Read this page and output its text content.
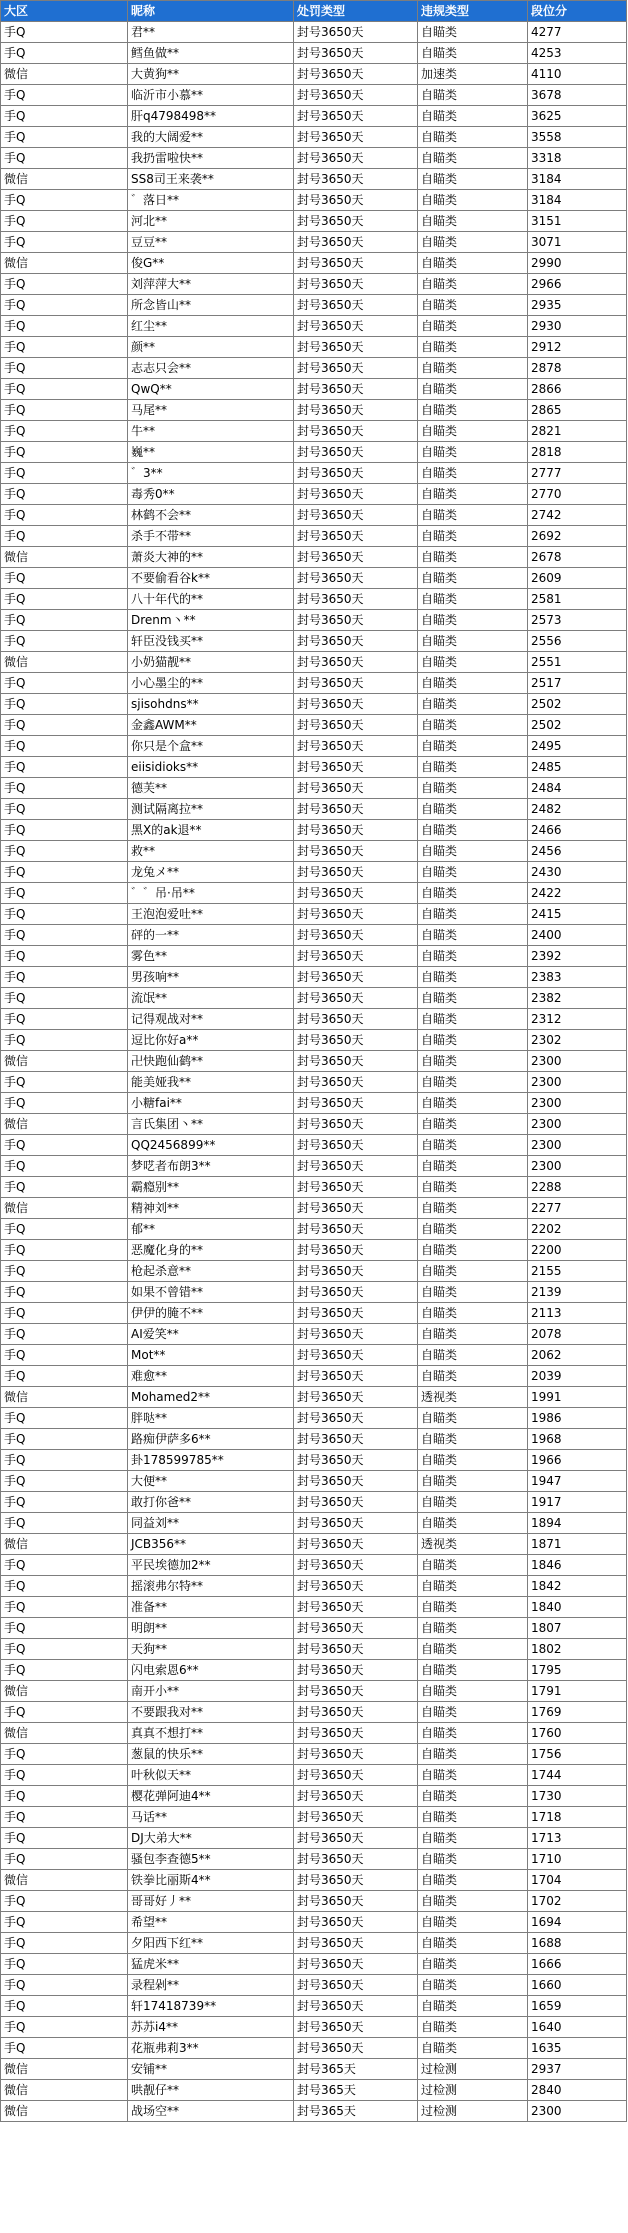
大区	昵称	处罚类型	违规类型	段位分
手Q	君**	封号3650天	自瞄类	4277
手Q	鳕鱼做**	封号3650天	自瞄类	4253
微信	大黄狗**	封号3650天	加速类	4110
手Q	临沂市小慕**	封号3650天	自瞄类	3678
手Q	肝q4798498**	封号3650天	自瞄类	3625
手Q	我的大阔爱**	封号3650天	自瞄类	3558
手Q	我扔雷啦快**	封号3650天	自瞄类	3318
微信	SS8司王来袭**	封号3650天	自瞄类	3184
手Q	゛落日**	封号3650天	自瞄类	3184
手Q	河北**	封号3650天	自瞄类	3151
手Q	豆豆**	封号3650天	自瞄类	3071
微信	俊G**	封号3650天	自瞄类	2990
手Q	刘萍萍大**	封号3650天	自瞄类	2966
手Q	所念皆山**	封号3650天	自瞄类	2935
手Q	红尘**	封号3650天	自瞄类	2930
手Q	颜**	封号3650天	自瞄类	2912
手Q	志志只会**	封号3650天	自瞄类	2878
手Q	QwQ**	封号3650天	自瞄类	2866
手Q	马尾**	封号3650天	自瞄类	2865
手Q	牛**	封号3650天	自瞄类	2821
手Q	巍**	封号3650天	自瞄类	2818
手Q	゛3**	封号3650天	自瞄类	2777
手Q	毒秀0**	封号3650天	自瞄类	2770
手Q	林鹤不会**	封号3650天	自瞄类	2742
手Q	杀手不带**	封号3650天	自瞄类	2692
微信	萧炎大神的**	封号3650天	自瞄类	2678
手Q	不要偷看谷k**	封号3650天	自瞄类	2609
手Q	八十年代的**	封号3650天	自瞄类	2581
手Q	Drenm丶**	封号3650天	自瞄类	2573
手Q	轩臣没钱买**	封号3650天	自瞄类	2556
微信	小奶猫靓**	封号3650天	自瞄类	2551
手Q	小心墨尘的**	封号3650天	自瞄类	2517
手Q	sjisohdns**	封号3650天	自瞄类	2502
手Q	金鑫AWM**	封号3650天	自瞄类	2502
手Q	你只是个盒**	封号3650天	自瞄类	2495
手Q	eiisidioks**	封号3650天	自瞄类	2485
手Q	德芙**	封号3650天	自瞄类	2484
手Q	测试隔离拉**	封号3650天	自瞄类	2482
手Q	黑X的ak退**	封号3650天	自瞄类	2466
手Q	救**	封号3650天	自瞄类	2456
手Q	龙兔メ**	封号3650天	自瞄类	2430
手Q	゛゛吊·吊**	封号3650天	自瞄类	2422
手Q	王泡泡爱吐**	封号3650天	自瞄类	2415
手Q	砰的一**	封号3650天	自瞄类	2400
手Q	雾色**	封号3650天	自瞄类	2392
手Q	男孩响**	封号3650天	自瞄类	2383
手Q	流氓**	封号3650天	自瞄类	2382
手Q	记得观战对**	封号3650天	自瞄类	2312
手Q	逗比你好a**	封号3650天	自瞄类	2302
微信	卍快跑仙鹤**	封号3650天	自瞄类	2300
手Q	能美娅我**	封号3650天	自瞄类	2300
手Q	小糖fai**	封号3650天	自瞄类	2300
微信	言氏集团丶**	封号3650天	自瞄类	2300
手Q	QQ2456899**	封号3650天	自瞄类	2300
手Q	梦呓者布朗3**	封号3650天	自瞄类	2300
手Q	霸瘾别**	封号3650天	自瞄类	2288
微信	精神刘**	封号3650天	自瞄类	2277
手Q	郁**	封号3650天	自瞄类	2202
手Q	恶魔化身的**	封号3650天	自瞄类	2200
手Q	枪起杀意**	封号3650天	自瞄类	2155
手Q	如果不曾错**	封号3650天	自瞄类	2139
手Q	伊伊的腌不**	封号3650天	自瞄类	2113
手Q	AI爱笑**	封号3650天	自瞄类	2078
手Q	Mot**	封号3650天	自瞄类	2062
手Q	难愈**	封号3650天	自瞄类	2039
微信	Mohamed2**	封号3650天	透视类	1991
手Q	胖哒**	封号3650天	自瞄类	1986
手Q	路痴伊萨多6**	封号3650天	自瞄类	1968
手Q	卦178599785**	封号3650天	自瞄类	1966
手Q	大便**	封号3650天	自瞄类	1947
手Q	敢打你爸**	封号3650天	自瞄类	1917
手Q	同益刘**	封号3650天	自瞄类	1894
微信	JCB356**	封号3650天	透视类	1871
手Q	平民埃德加2**	封号3650天	自瞄类	1846
手Q	摇滚弗尔特**	封号3650天	自瞄类	1842
手Q	准备**	封号3650天	自瞄类	1840
手Q	明朗**	封号3650天	自瞄类	1807
手Q	天狗**	封号3650天	自瞄类	1802
手Q	闪电索恩6**	封号3650天	自瞄类	1795
微信	南开小**	封号3650天	自瞄类	1791
手Q	不要跟我对**	封号3650天	自瞄类	1769
微信	真真不想打**	封号3650天	自瞄类	1760
手Q	葱鼠的快乐**	封号3650天	自瞄类	1756
手Q	叶秋似天**	封号3650天	自瞄类	1744
手Q	樱花弹阿迪4**	封号3650天	自瞄类	1730
手Q	马话**	封号3650天	自瞄类	1718
手Q	DJ大弟大**	封号3650天	自瞄类	1713
手Q	骚包李查德5**	封号3650天	自瞄类	1710
微信	铁拳比丽斯4**	封号3650天	自瞄类	1704
手Q	哥哥好丿**	封号3650天	自瞄类	1702
手Q	希望**	封号3650天	自瞄类	1694
手Q	夕阳西下红**	封号3650天	自瞄类	1688
手Q	猛虎米**	封号3650天	自瞄类	1666
手Q	录程剁**	封号3650天	自瞄类	1660
手Q	轩17418739**	封号3650天	自瞄类	1659
手Q	苏苏i4**	封号3650天	自瞄类	1640
手Q	花瓶弗莉3**	封号3650天	自瞄类	1635
微信	安铺**	封号365天	过检测	2937
微信	哄靓仔**	封号365天	过检测	2840
微信	战场空**	封号365天	过检测	2300
